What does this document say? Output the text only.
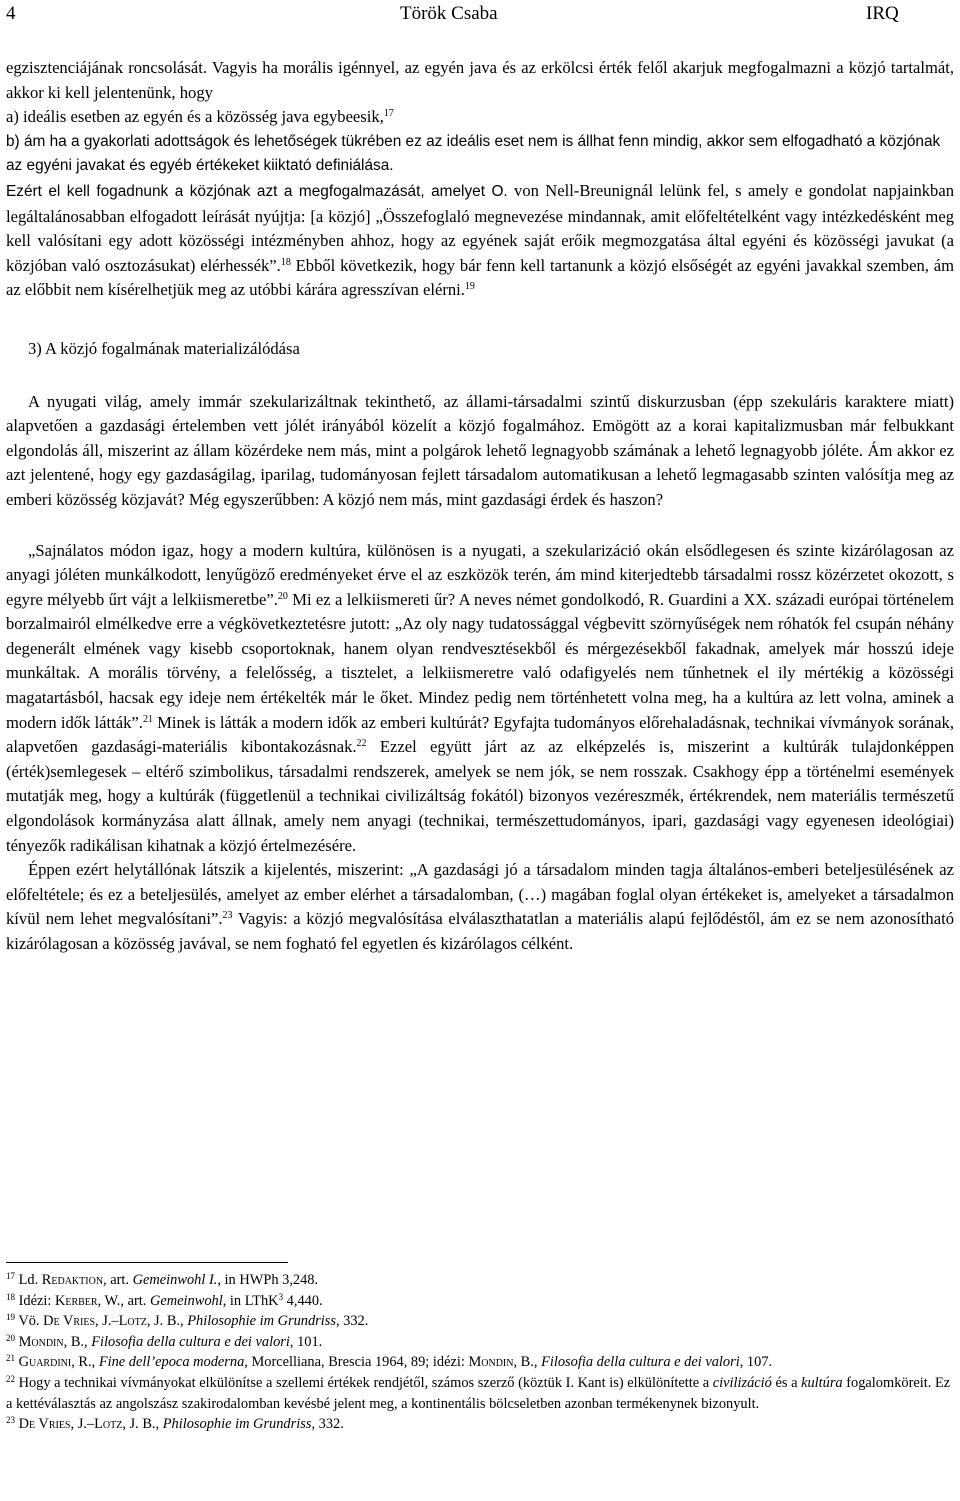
4	Török Csaba	IRQ

egzisztenciájának roncsolását. Vagyis ha morális igénnyel, az egyén java és az erkölcsi érték felől akarjuk megfogalmazni a közjó tartalmát, akkor ki kell jelentenünk, hogy

a) ideális esetben az egyén és a közösség java egybeesik,$^{17}$

b) ám ha a gyakorlati adottságok és lehetőségek tükrében ez az ideális eset nem is állhat fenn mindig, akkor sem elfogadható a közjónak az egyéni javakat és egyéb értékeket kiiktató definiálása.

Ezért el kell fogadnunk a közjónak azt a megfogalmazását, amelyet O. von Nell-Breunignál lelünk fel, s amely e gondolat napjainkban legáltalánosabban elfogadott leírását nyújtja: [a közjó] „Összefoglaló megnevezése mindannak, amit előfeltételként vagy intézkedésként meg kell valósítani egy adott közösségi intézményben ahhoz, hogy az egyének saját erőik megmozgatása által egyéni és közösségi javukat (a közjóban való osztozásukat) elérhessék”.$^{18}$ Ebből következik, hogy bár fenn kell tartanunk a közjó elsőségét az egyéni javakkal szemben, ám az előbbit nem kísérelhetjük meg az utóbbi kárára agresszívan elérni.$^{19}$

3) A közjó fogalmának materializálódása

A nyugati világ, amely immár szekularizáltnak tekinthető, az állami-társadalmi szintű diskurzusban (épp szekuláris karaktere miatt) alapvetően a gazdasági értelemben vett jólét irányából közelít a közjó fogalmához. Emögött az a korai kapitalizmusban már felbukkant elgondolás áll, miszerint az állam közérdeke nem más, mint a polgárok lehető legnagyobb számának a lehető legnagyobb jóléte. Ám akkor ez azt jelentené, hogy egy gazdaságilag, iparilag, tudományosan fejlett társadalom automatikusan a lehető legmagasabb szinten valósítja meg az emberi közösség közjavát? Még egyszerűbben: A közjó nem más, mint gazdasági érdek és haszon?

„Sajnálatos módon igaz, hogy a modern kultúra, különösen is a nyugati, a szekularizáció okán elsődlegesen és szinte kizárólagosan az anyagi jóléten munkálkodott, lenyűgöző eredményeket érve el az eszközök terén, ám mind kiterjedtebb társadalmi rossz közérzetet okozott, s egyre mélyebb űrt vájt a lelkiismeretbe”.$^{20}$ Mi ez a lelkiismereti űr? A neves német gondolkodó, R. Guardini a XX. századi európai történelem borzalmairól elmélkedve erre a végkövetkeztetésre jutott: „Az oly nagy tudatossággal végbevitt szörnyűségek nem róhatók fel csupán néhány degenerált elmének vagy kisebb csoportoknak, hanem olyan rendvesztésekből és mérgezésekből fakadnak, amelyek már hosszú ideje munkáltak. A morális törvény, a felelősség, a tisztelet, a lelkiismeretre való odafigyelés nem tűnhetnek el ily mértékig a közösségi magatartásból, hacsak egy ideje nem értékelték már le őket. Mindez pedig nem történhetett volna meg, ha a kultúra az lett volna, aminek a modern idők látták”.$^{21}$ Minek is látták a modern idők az emberi kultúrát? Egyfajta tudományos előrehaladásnak, technikai vívmányok sorának, alapvetően gazdasági-materiális kibontakozásnak.$^{22}$ Ezzel együtt járt az az elképzelés is, miszerint a kultúrák tulajdonképpen (érték)semlegesek – eltérő szimbolikus, társadalmi rendszerek, amelyek se nem jók, se nem rosszak. Csakhogy épp a történelmi események mutatják meg, hogy a kultúrák (függetlenül a technikai civilizáltság fokától) bizonyos vezéreszmék, értékrendek, nem materiális természetű elgondolások kormányzása alatt állnak, amely nem anyagi (technikai, természettudományos, ipari, gazdasági vagy egyenesen ideológiai) tényezők radikálisan kihatnak a közjó értelmezésére.

Éppen ezért helytállónak látszik a kijelentés, miszerint: „A gazdasági jó a társadalom minden tagja általános-emberi beteljesülésének az előfeltétele; és ez a beteljesülés, amelyet az ember elérhet a társadalomban, (…) magában foglal olyan értékeket is, amelyeket a társadalmon kívül nem lehet megvalósítani”.$^{23}$ Vagyis: a közjó megvalósítása elválaszthatatlan a materiális alapú fejlődéstől, ám ez se nem azonosítható kizárólagosan a közösség javával, se nem fogható fel egyetlen és kizárólagos célként.

$^{17}$ Ld. Redaktion, art. Gemeinwohl I., in HWPh 3,248.

$^{18}$ Idézi: Kerber, W., art. Gemeinwohl, in LThK$^3$ 4,440.

$^{19}$ Vö. De Vries, J.–Lotz, J. B., Philosophie im Grundriss, 332.

$^{20}$ Mondin, B., Filosofia della cultura e dei valori, 101.

$^{21}$ Guardini, R., Fine dell’epoca moderna, Morcelliana, Brescia 1964, 89; idézi: Mondin, B., Filosofia della cultura e dei valori, 107.

$^{22}$ Hogy a technikai vívmányokat elkülönítse a szellemi értékek rendjétől, számos szerző (köztük I. Kant is) elkülönítette a civilizáció és a kultúra fogalomköreit. Ez a kettéválasztás az angolszász szakirodalomban kevésbé jelent meg, a kontinentális bölcseletben azonban termékenynek bizonyult.

$^{23}$ De Vries, J.–Lotz, J. B., Philosophie im Grundriss, 332.
